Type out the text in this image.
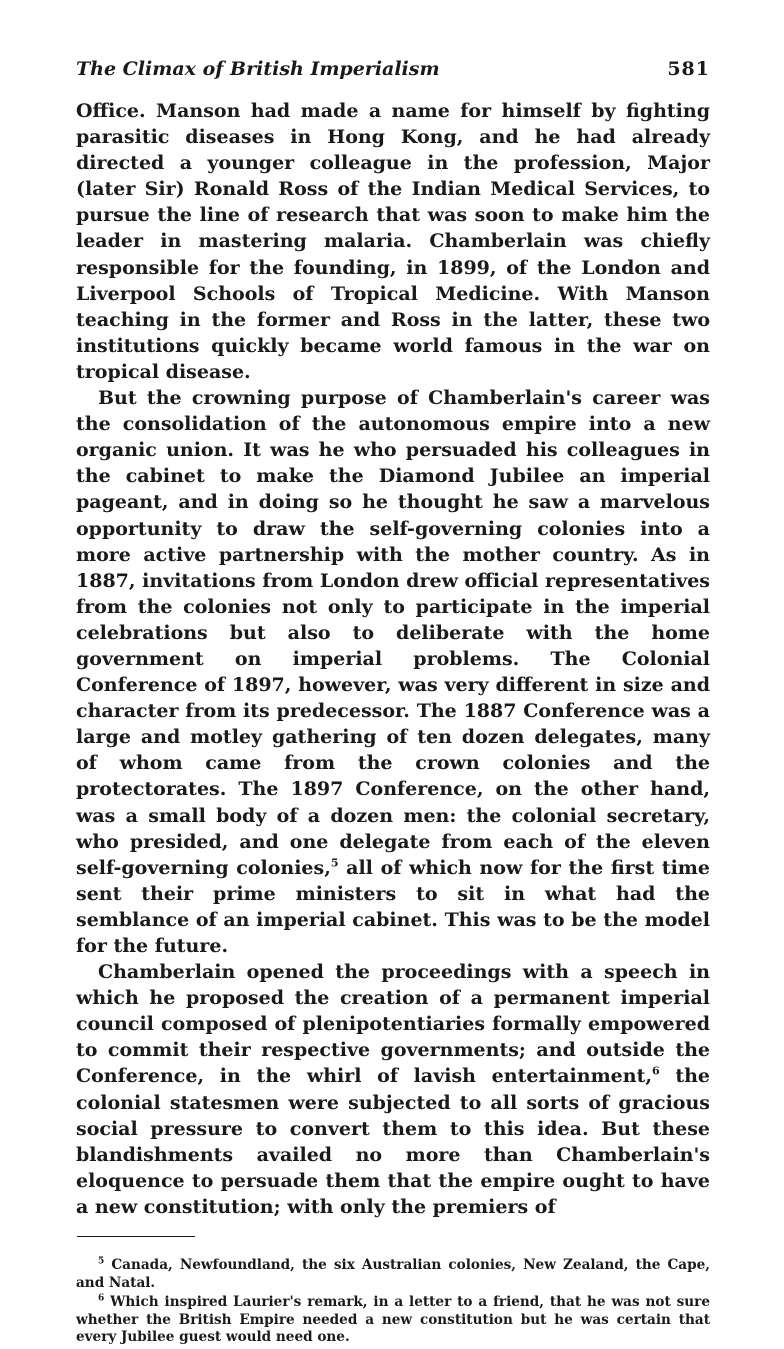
The Climax of British Imperialism	581

Office. Manson had made a name for himself by fighting parasitic diseases in Hong Kong, and he had already directed a younger colleague in the profession, Major (later Sir) Ronald Ross of the Indian Medical Services, to pursue the line of research that was soon to make him the leader in mastering malaria. Chamberlain was chiefly responsible for the founding, in 1899, of the London and Liverpool Schools of Tropical Medicine. With Manson teaching in the former and Ross in the latter, these two institutions quickly became world famous in the war on tropical disease.

But the crowning purpose of Chamberlain's career was the consolidation of the autonomous empire into a new organic union. It was he who persuaded his colleagues in the cabinet to make the Diamond Jubilee an imperial pageant, and in doing so he thought he saw a marvelous opportunity to draw the self-governing colonies into a more active partnership with the mother country. As in 1887, invitations from London drew official representatives from the colonies not only to participate in the imperial celebrations but also to deliberate with the home government on imperial problems. The Colonial Conference of 1897, however, was very different in size and character from its predecessor. The 1887 Conference was a large and motley gathering of ten dozen delegates, many of whom came from the crown colonies and the protectorates. The 1897 Conference, on the other hand, was a small body of a dozen men: the colonial secretary, who presided, and one delegate from each of the eleven self-governing colonies,$^5$ all of which now for the first time sent their prime ministers to sit in what had the semblance of an imperial cabinet. This was to be the model for the future.

Chamberlain opened the proceedings with a speech in which he proposed the creation of a permanent imperial council composed of plenipotentiaries formally empowered to commit their respective governments; and outside the Conference, in the whirl of lavish entertainment,$^6$ the colonial statesmen were subjected to all sorts of gracious social pressure to convert them to this idea. But these blandishments availed no more than Chamberlain's eloquence to persuade them that the empire ought to have a new constitution; with only the premiers of

$^5$ Canada, Newfoundland, the six Australian colonies, New Zealand, the Cape, and Natal.

$^6$ Which inspired Laurier's remark, in a letter to a friend, that he was not sure whether the British Empire needed a new constitution but he was certain that every Jubilee guest would need one.
